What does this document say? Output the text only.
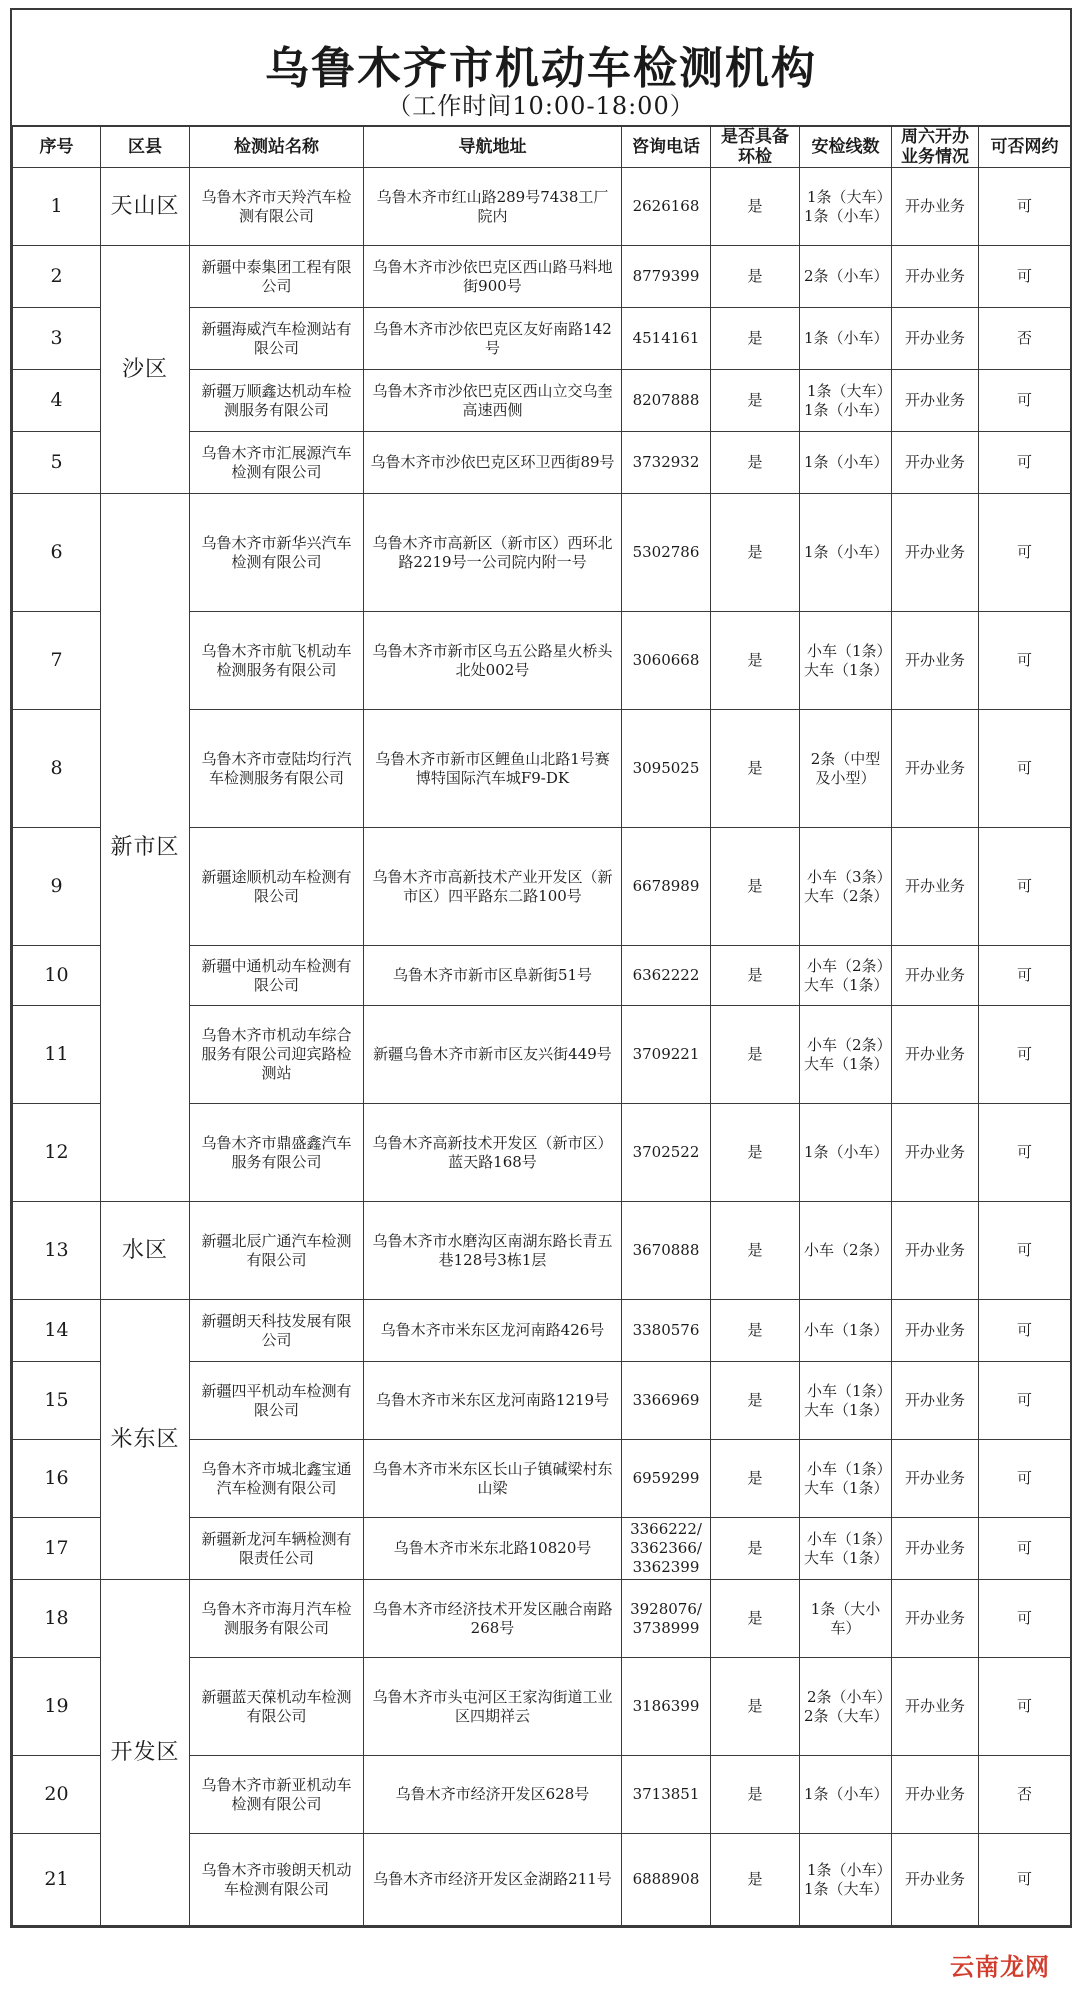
乌鲁木齐市机动车检测机构
（工作时间10:00-18:00）
序号	区县	检测站名称	导航地址	咨询电话	是否具备环检	安检线数	周六开办业务情况	可否网约
1	天山区	乌鲁木齐市天羚汽车检测有限公司	乌鲁木齐市红山路289号7438工厂院内	2626168	是	1条（大车）1条（小车）	开办业务	可
2	沙区	新疆中泰集团工程有限公司	乌鲁木齐市沙依巴克区西山路马料地街900号	8779399	是	2条（小车）	开办业务	可
3		新疆海威汽车检测站有限公司	乌鲁木齐市沙依巴克区友好南路142号	4514161	是	1条（小车）	开办业务	否
4		新疆万顺鑫达机动车检测服务有限公司	乌鲁木齐市沙依巴克区西山立交乌奎高速西侧	8207888	是	1条（大车）1条（小车）	开办业务	可
5		乌鲁木齐市汇展源汽车检测有限公司	乌鲁木齐市沙依巴克区环卫西街89号	3732932	是	1条（小车）	开办业务	可
6	新市区	乌鲁木齐市新华兴汽车检测有限公司	乌鲁木齐市高新区（新市区）西环北路2219号一公司院内附一号	5302786	是	1条（小车）	开办业务	可
7		乌鲁木齐市航飞机动车检测服务有限公司	乌鲁木齐市新市区乌五公路星火桥头北处002号	3060668	是	小车（1条）大车（1条）	开办业务	可
8		乌鲁木齐市壹陆均行汽车检测服务有限公司	乌鲁木齐市新市区鲤鱼山北路1号赛博特国际汽车城F9-DK	3095025	是	2条（中型及小型）	开办业务	可
9		新疆途顺机动车检测有限公司	乌鲁木齐市高新技术产业开发区（新市区）四平路东二路100号	6678989	是	小车（3条）大车（2条）	开办业务	可
10		新疆中通机动车检测有限公司	乌鲁木齐市新市区阜新街51号	6362222	是	小车（2条）大车（1条）	开办业务	可
11		乌鲁木齐市机动车综合服务有限公司迎宾路检测站	新疆乌鲁木齐市新市区友兴街449号	3709221	是	小车（2条）大车（1条）	开办业务	可
12		乌鲁木齐市鼎盛鑫汽车服务有限公司	乌鲁木齐高新技术开发区（新市区）蓝天路168号	3702522	是	1条（小车）	开办业务	可
13	水区	新疆北辰广通汽车检测有限公司	乌鲁木齐市水磨沟区南湖东路长青五巷128号3栋1层	3670888	是	小车（2条）	开办业务	可
14	米东区	新疆朗天科技发展有限公司	乌鲁木齐市米东区龙河南路426号	3380576	是	小车（1条）	开办业务	可
15		新疆四平机动车检测有限公司	乌鲁木齐市米东区龙河南路1219号	3366969	是	小车（1条）大车（1条）	开办业务	可
16		乌鲁木齐市城北鑫宝通汽车检测有限公司	乌鲁木齐市米东区长山子镇碱梁村东山梁	6959299	是	小车（1条）大车（1条）	开办业务	可
17		新疆新龙河车辆检测有限责任公司	乌鲁木齐市米东北路10820号	3366222/3362366/3362399	是	小车（1条）大车（1条）	开办业务	可
18	开发区	乌鲁木齐市海月汽车检测服务有限公司	乌鲁木齐市经济技术开发区融合南路268号	3928076/3738999	是	1条（大小车）	开办业务	可
19		新疆蓝天葆机动车检测有限公司	乌鲁木齐市头屯河区王家沟街道工业区四期祥云	3186399	是	2条（小车）2条（大车）	开办业务	可
20		乌鲁木齐市新亚机动车检测有限公司	乌鲁木齐市经济开发区628号	3713851	是	1条（小车）	开办业务	否
21		乌鲁木齐市骏朗天机动车检测有限公司	乌鲁木齐市经济开发区金湖路211号	6888908	是	1条（小车）1条（大车）	开办业务	可
云南龙网
